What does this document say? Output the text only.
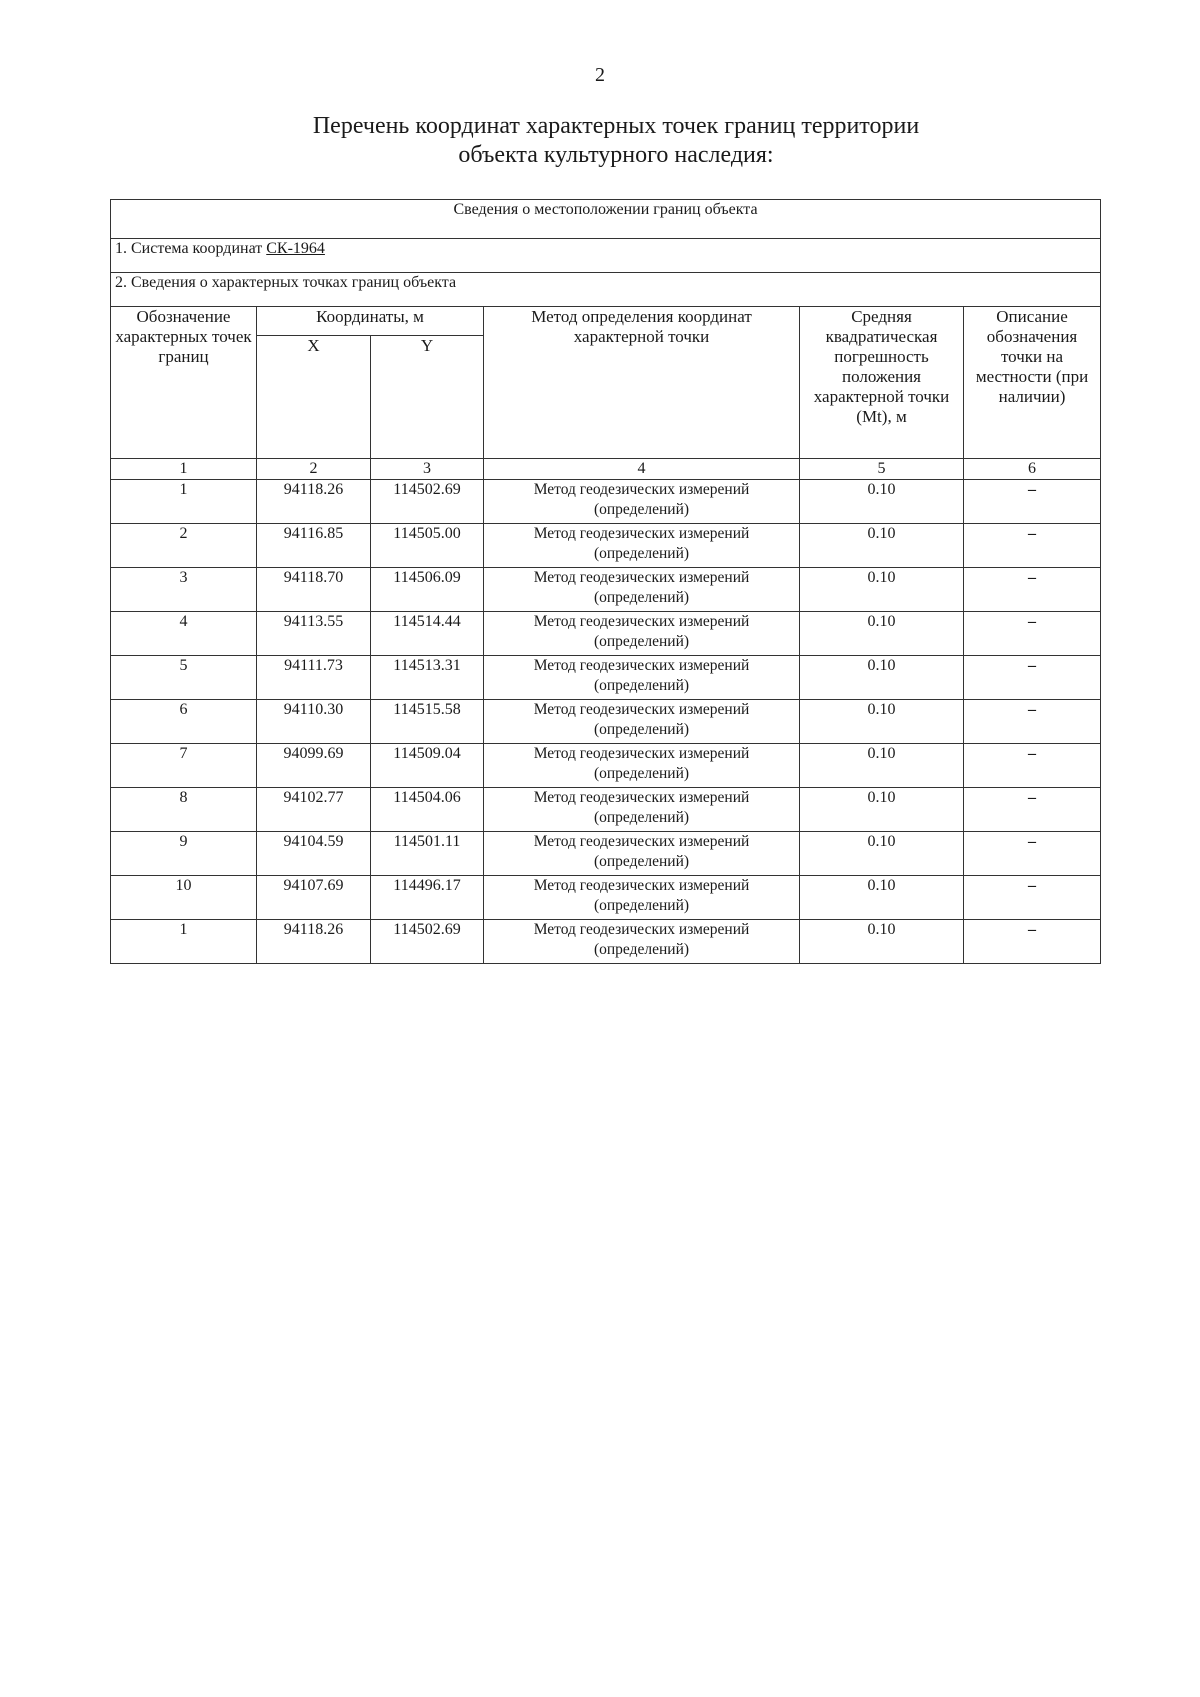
2
Перечень координат характерных точек границ территории
объекта культурного наследия:
Сведения о местоположении границ объекта					
1. Система координат СК-1964					
2. Сведения о характерных точках границ объекта					
Обозначение характерных точек границ	Координаты, м		Метод определения координат характерной точки	Средняя квадратическая погрешность положения характерной точки (Mt), м	Описание обозначения точки на местности (при наличии)
	X	Y			
1	2	3	4	5	6
1	94118.26	114502.69	Метод геодезических измерений (определений)	0.10	–
2	94116.85	114505.00	Метод геодезических измерений (определений)	0.10	–
3	94118.70	114506.09	Метод геодезических измерений (определений)	0.10	–
4	94113.55	114514.44	Метод геодезических измерений (определений)	0.10	–
5	94111.73	114513.31	Метод геодезических измерений (определений)	0.10	–
6	94110.30	114515.58	Метод геодезических измерений (определений)	0.10	–
7	94099.69	114509.04	Метод геодезических измерений (определений)	0.10	–
8	94102.77	114504.06	Метод геодезических измерений (определений)	0.10	–
9	94104.59	114501.11	Метод геодезических измерений (определений)	0.10	–
10	94107.69	114496.17	Метод геодезических измерений (определений)	0.10	–
1	94118.26	114502.69	Метод геодезических измерений (определений)	0.10	–
